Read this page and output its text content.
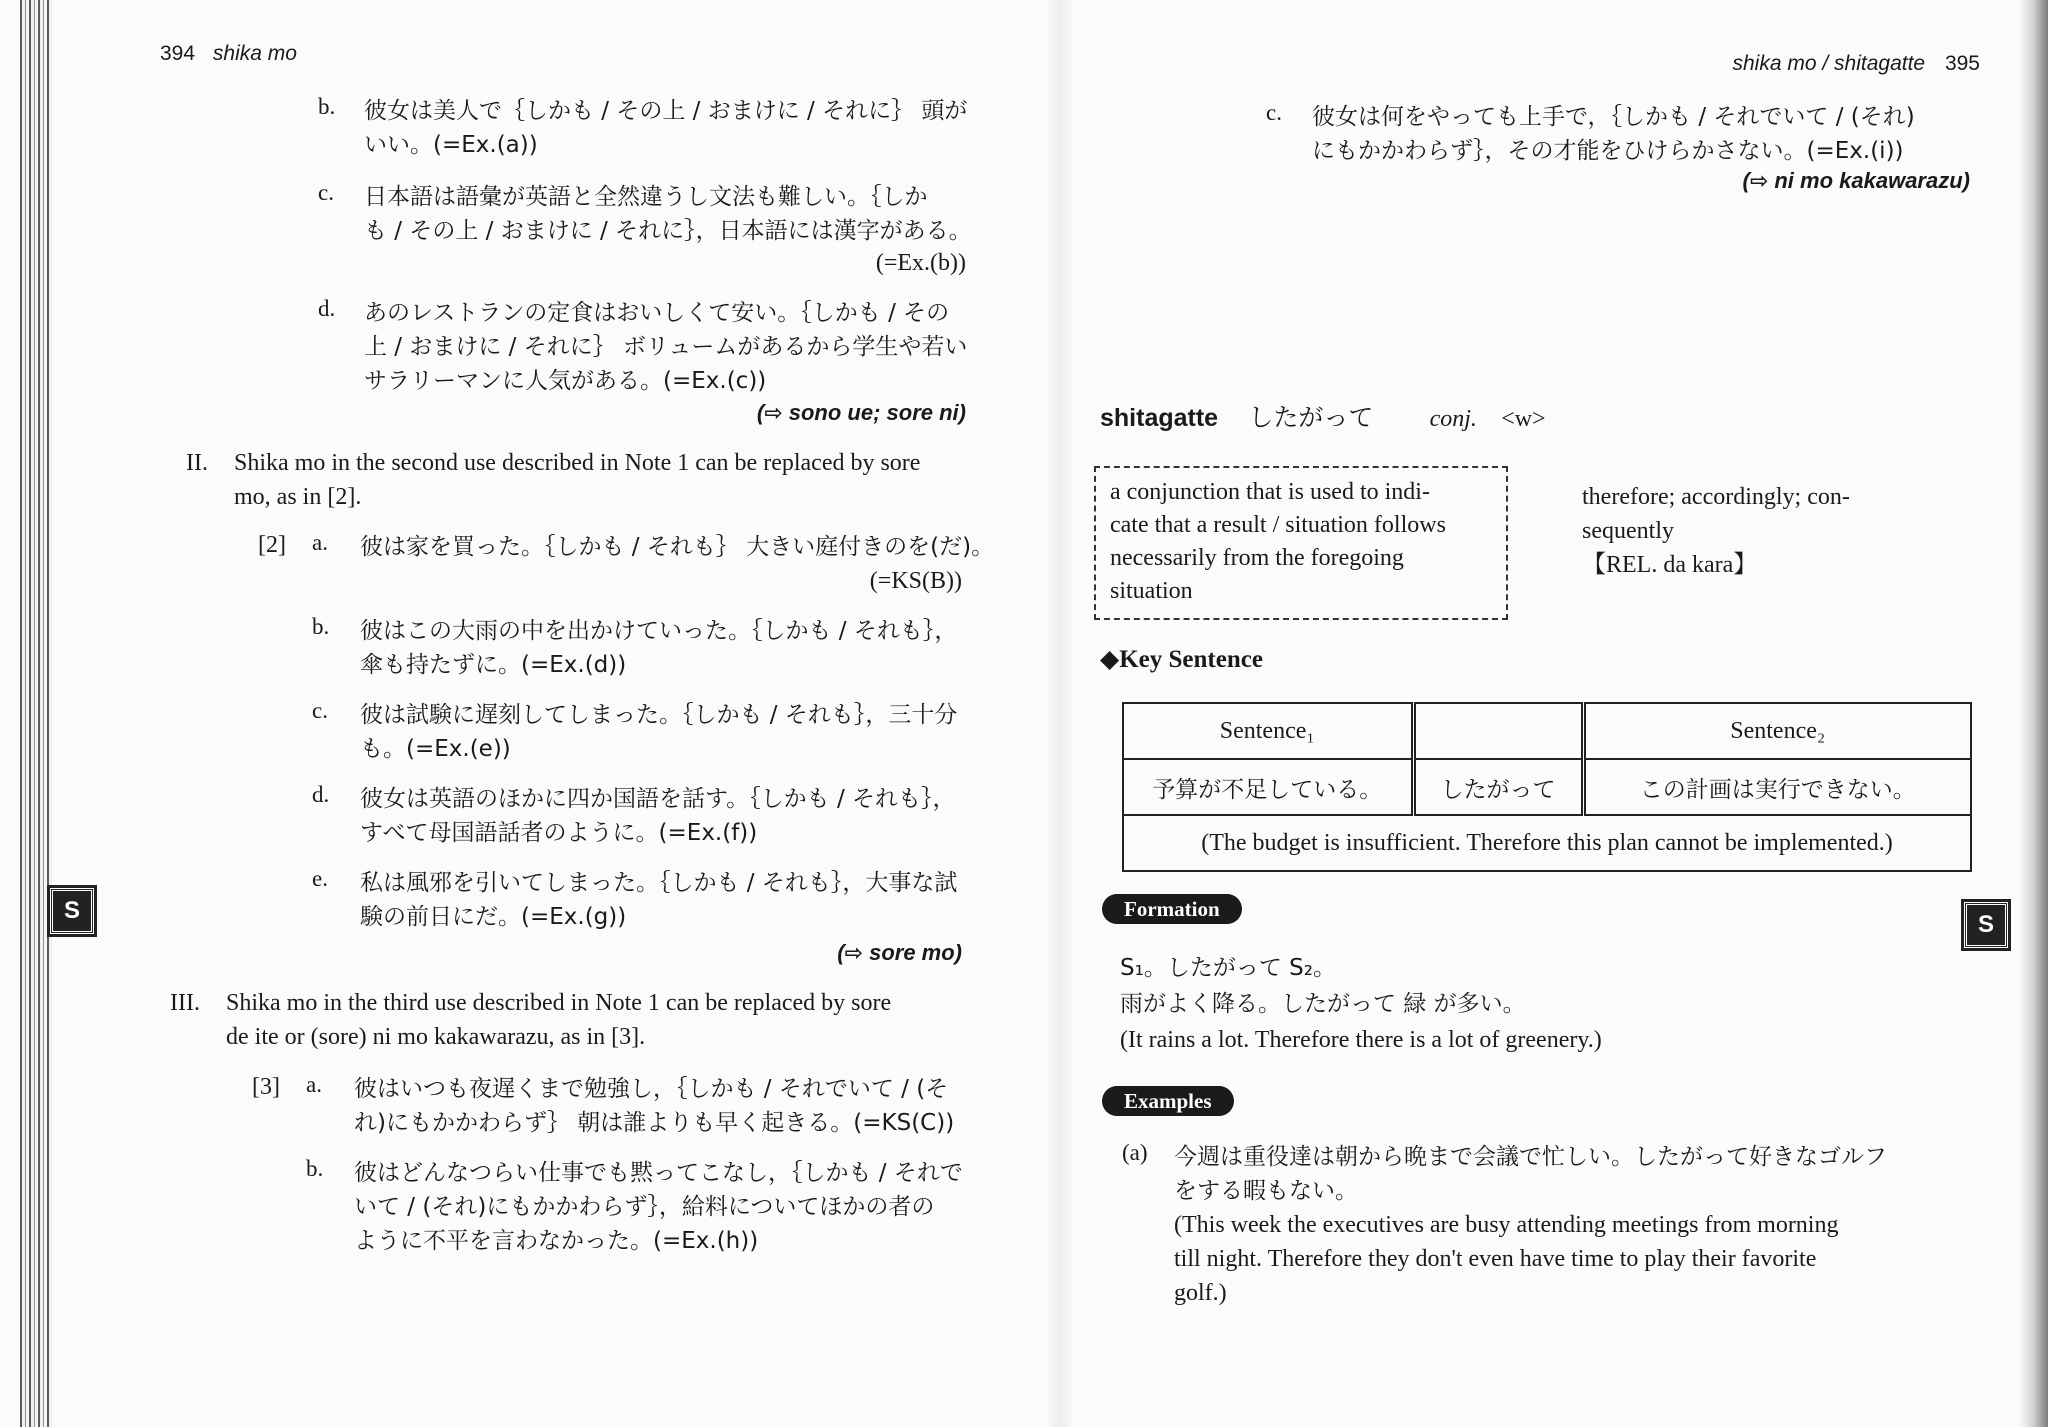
394 shika mo
b. 彼女は美人で｛しかも / その上 / おまけに / それに｝ 頭が
いい。(=Ex.(a))
c. 日本語は語彙が英語と全然違うし文法も難しい。｛しか
も / その上 / おまけに / それに｝，日本語には漢字がある。
(=Ex.(b))
d. あのレストランの定食はおいしくて安い。｛しかも / その
上 / おまけに / それに｝ ボリュームがあるから学生や若い
サラリーマンに人気がある。(=Ex.(c))
(⇨ sono ue; sore ni)
II. Shika mo in the second use described in Note 1 can be replaced by sore
mo, as in [2].
[2] a. 彼は家を買った。｛しかも / それも｝ 大きい庭付きのを(だ)。
(=KS(B))
b. 彼はこの大雨の中を出かけていった。｛しかも / それも｝，
傘も持たずに。(=Ex.(d))
c. 彼は試験に遅刻してしまった。｛しかも / それも｝，三十分
も。(=Ex.(e))
d. 彼女は英語のほかに四か国語を話す。｛しかも / それも｝，
すべて母国語話者のように。(=Ex.(f))
e. 私は風邪を引いてしまった。｛しかも / それも｝，大事な試
験の前日にだ。(=Ex.(g))
(⇨ sore mo)
III. Shika mo in the third use described in Note 1 can be replaced by sore
de ite or (sore) ni mo kakawarazu, as in [3].
[3] a. 彼はいつも夜遅くまで勉強し，｛しかも / それでいて / (そ
れ)にもかかわらず｝ 朝は誰よりも早く起きる。(=KS(C))
b. 彼はどんなつらい仕事でも黙ってこなし，｛しかも / それで
いて / (それ)にもかかわらず｝，給料についてほかの者の
ように不平を言わなかった。(=Ex.(h))
S
shika mo / shitagatte 395
c. 彼女は何をやっても上手で，｛しかも / それでいて / (それ)
にもかかわらず｝，その才能をひけらかさない。(=Ex.(i))
(⇨ ni mo kakawarazu)
shitagatte したがって conj. <w>
a conjunction that is used to indi-
cate that a result / situation follows
necessarily from the foregoing
situation
therefore; accordingly; con-
sequently
【REL. da kara】
◆Key Sentence
Sentence₁		Sentence₂
予算が不足している。	したがって	この計画は実行できない。
(The budget is insufficient. Therefore this plan cannot be implemented.)		
Formation
S₁。したがって S₂。
雨がよく降る。したがって 緑 が多い。
(It rains a lot. Therefore there is a lot of greenery.)
Examples
(a) 今週は重役達は朝から晩まで会議で忙しい。したがって好きなゴルフ
をする暇もない。
(This week the executives are busy attending meetings from morning
till night. Therefore they don't even have time to play their favorite
golf.)
S
